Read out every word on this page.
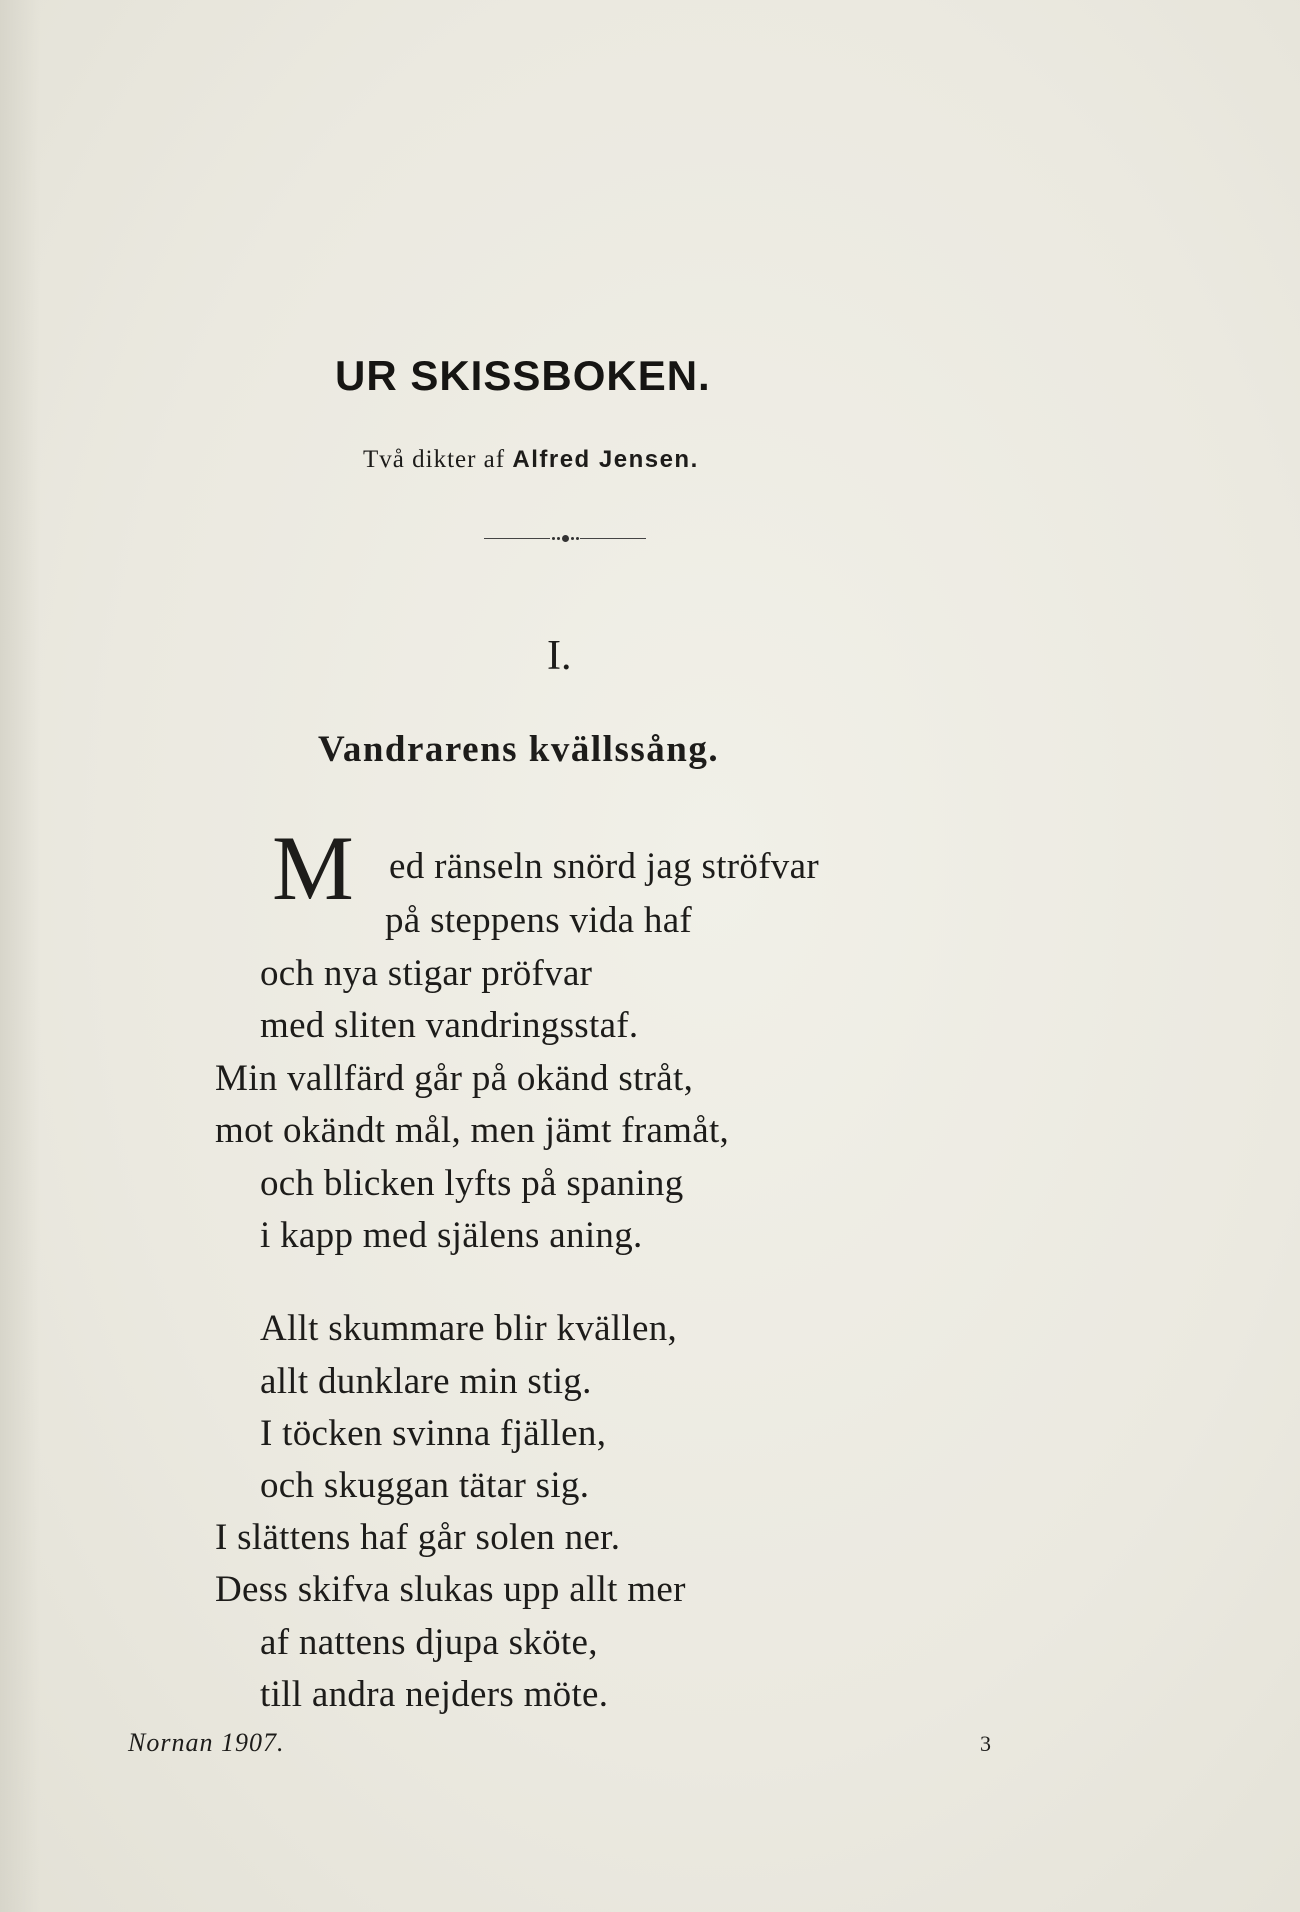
UR SKISSBOKEN.
Två dikter af Alfred Jensen.
I.
Vandrarens kvällssång.
M ed ränseln snörd jag ströfvar
på steppens vida haf
och nya stigar pröfvar
med sliten vandringsstaf.
Min vallfärd går på okänd stråt,
mot okändt mål, men jämt framåt,
och blicken lyfts på spaning
i kapp med själens aning.
Allt skummare blir kvällen,
allt dunklare min stig.
I töcken svinna fjällen,
och skuggan tätar sig.
I slättens haf går solen ner.
Dess skifva slukas upp allt mer
af nattens djupa sköte,
till andra nejders möte.
Nornan 1907.	3
